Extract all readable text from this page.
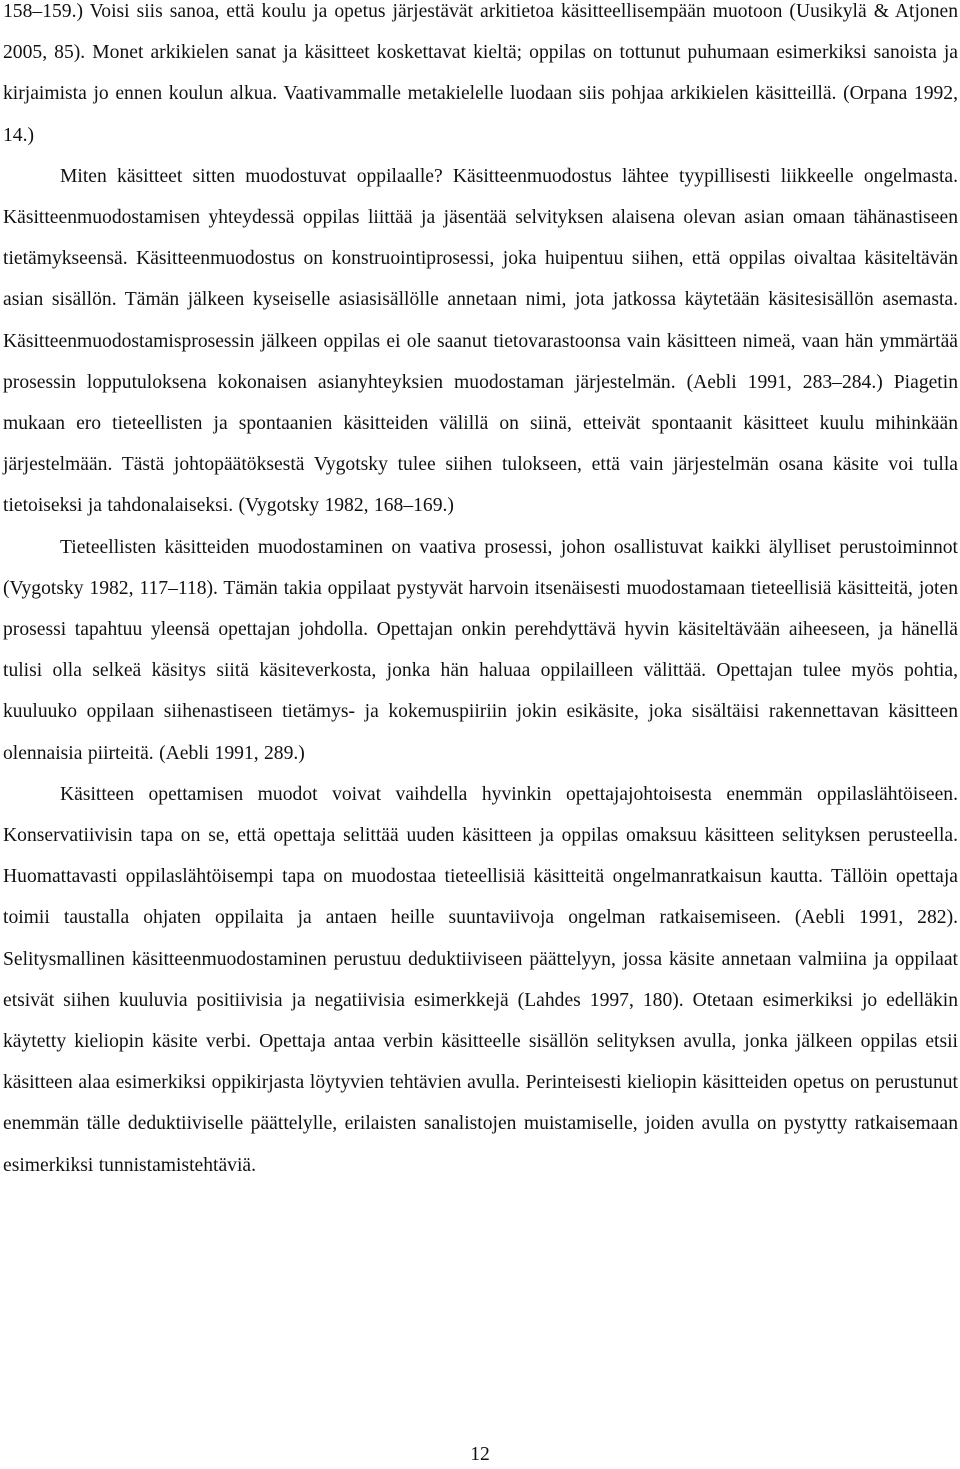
158–159.) Voisi siis sanoa, että koulu ja opetus järjestävät arkitietoa käsitteellisempään muotoon (Uusikylä & Atjonen 2005, 85). Monet arkikielen sanat ja käsitteet koskettavat kieltä; oppilas on tottunut puhumaan esimerkiksi sanoista ja kirjaimista jo ennen koulun alkua. Vaativammalle metakielelle luodaan siis pohjaa arkikielen käsitteillä. (Orpana 1992, 14.)

Miten käsitteet sitten muodostuvat oppilaalle? Käsitteenmuodostus lähtee tyypillisesti liikkeelle ongelmasta. Käsitteenmuodostamisen yhteydessä oppilas liittää ja jäsentää selvityksen alaisena olevan asian omaan tähänastiseen tietämykseensä. Käsitteenmuodostus on konstruointiprosessi, joka huipentuu siihen, että oppilas oivaltaa käsiteltävän asian sisällön. Tämän jälkeen kyseiselle asiasisällölle annetaan nimi, jota jatkossa käytetään käsitesisällön asemasta. Käsitteenmuodostamisprosessin jälkeen oppilas ei ole saanut tietovarastoonsa vain käsitteen nimeä, vaan hän ymmärtää prosessin lopputuloksena kokonaisen asianyhteyksien muodostaman järjestelmän. (Aebli 1991, 283–284.) Piagetin mukaan ero tieteellisten ja spontaanien käsitteiden välillä on siinä, etteivät spontaanit käsitteet kuulu mihinkään järjestelmään. Tästä johtopäätöksestä Vygotsky tulee siihen tulokseen, että vain järjestelmän osana käsite voi tulla tietoiseksi ja tahdonalaiseksi. (Vygotsky 1982, 168–169.)

Tieteellisten käsitteiden muodostaminen on vaativa prosessi, johon osallistuvat kaikki älylliset perustoiminnot (Vygotsky 1982, 117–118). Tämän takia oppilaat pystyvät harvoin itsenäisesti muodostamaan tieteellisiä käsitteitä, joten prosessi tapahtuu yleensä opettajan johdolla. Opettajan onkin perehdyttävä hyvin käsiteltävään aiheeseen, ja hänellä tulisi olla selkeä käsitys siitä käsiteverkosta, jonka hän haluaa oppilailleen välittää. Opettajan tulee myös pohtia, kuuluuko oppilaan siihenastiseen tietämys- ja kokemuspiiriin jokin esikäsite, joka sisältäisi rakennettavan käsitteen olennaisia piirteitä. (Aebli 1991, 289.)

Käsitteen opettamisen muodot voivat vaihdella hyvinkin opettajajohtoisesta enemmän oppilaslähtöiseen. Konservatiivisin tapa on se, että opettaja selittää uuden käsitteen ja oppilas omaksuu käsitteen selityksen perusteella. Huomattavasti oppilaslähtöisempi tapa on muodostaa tieteellisiä käsitteitä ongelmanratkaisun kautta. Tällöin opettaja toimii taustalla ohjaten oppilaita ja antaen heille suuntaviivoja ongelman ratkaisemiseen. (Aebli 1991, 282). Selitysmallinen käsitteenmuodostaminen perustuu deduktiiviseen päättelyyn, jossa käsite annetaan valmiina ja oppilaat etsivät siihen kuuluvia positiivisia ja negatiivisia esimerkkejä (Lahdes 1997, 180). Otetaan esimerkiksi jo edelläkin käytetty kieliopin käsite verbi. Opettaja antaa verbin käsitteelle sisällön selityksen avulla, jonka jälkeen oppilas etsii käsitteen alaa esimerkiksi oppikirjasta löytyvien tehtävien avulla. Perinteisesti kieliopin käsitteiden opetus on perustunut enemmän tälle deduktiiviselle päättelylle, erilaisten sanalistojen muistamiselle, joiden avulla on pystytty ratkaisemaan esimerkiksi tunnistamistehtäviä.

12
